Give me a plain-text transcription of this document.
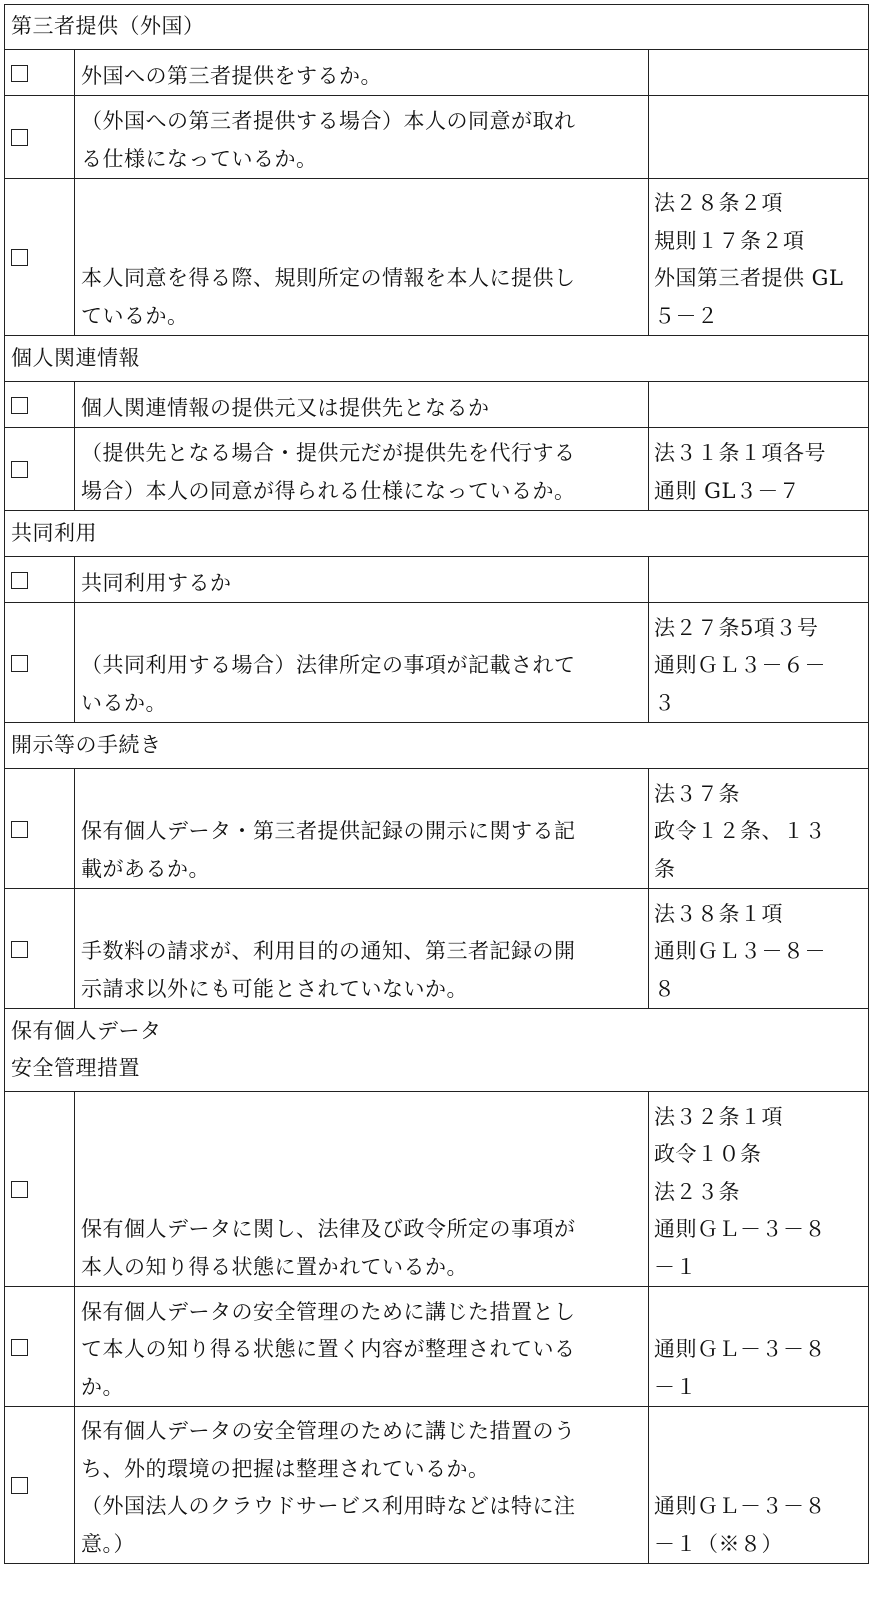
第三者提供（外国）		

	外国への第三者提供をするか。	

	（外国への第三者提供する場合）本人の同意が取れ
る仕様になっているか。	

	本人同意を得る際、規則所定の情報を本人に提供し
ているか。	法２８条２項
規則１７条２項
外国第三者提供 GL
５－２

個人関連情報		

	個人関連情報の提供元又は提供先となるか	

	（提供先となる場合・提供元だが提供先を代行する
場合）本人の同意が得られる仕様になっているか。	法３１条１項各号
通則 GL３－７

共同利用		

	共同利用するか	

	（共同利用する場合）法律所定の事項が記載されて
いるか。	法２７条5項３号
通則ＧＬ３－６－
３

開示等の手続き		

	保有個人データ・第三者提供記録の開示に関する記
載があるか。	法３７条
政令１２条、１３
条

	手数料の請求が、利用目的の通知、第三者記録の開
示請求以外にも可能とされていないか。	法３８条１項
通則ＧＬ３－８－
８

保有個人データ
安全管理措置		

	保有個人データに関し、法律及び政令所定の事項が
本人の知り得る状態に置かれているか。	法３２条１項
政令１０条
法２３条
通則ＧＬ－３－８
－１

	保有個人データの安全管理のために講じた措置とし
て本人の知り得る状態に置く内容が整理されている
か。	通則ＧＬ－３－８
－１

	保有個人データの安全管理のために講じた措置のう
ち、外的環境の把握は整理されているか。
（外国法人のクラウドサービス利用時などは特に注
意。）	通則ＧＬ－３－８
－１（※８）
